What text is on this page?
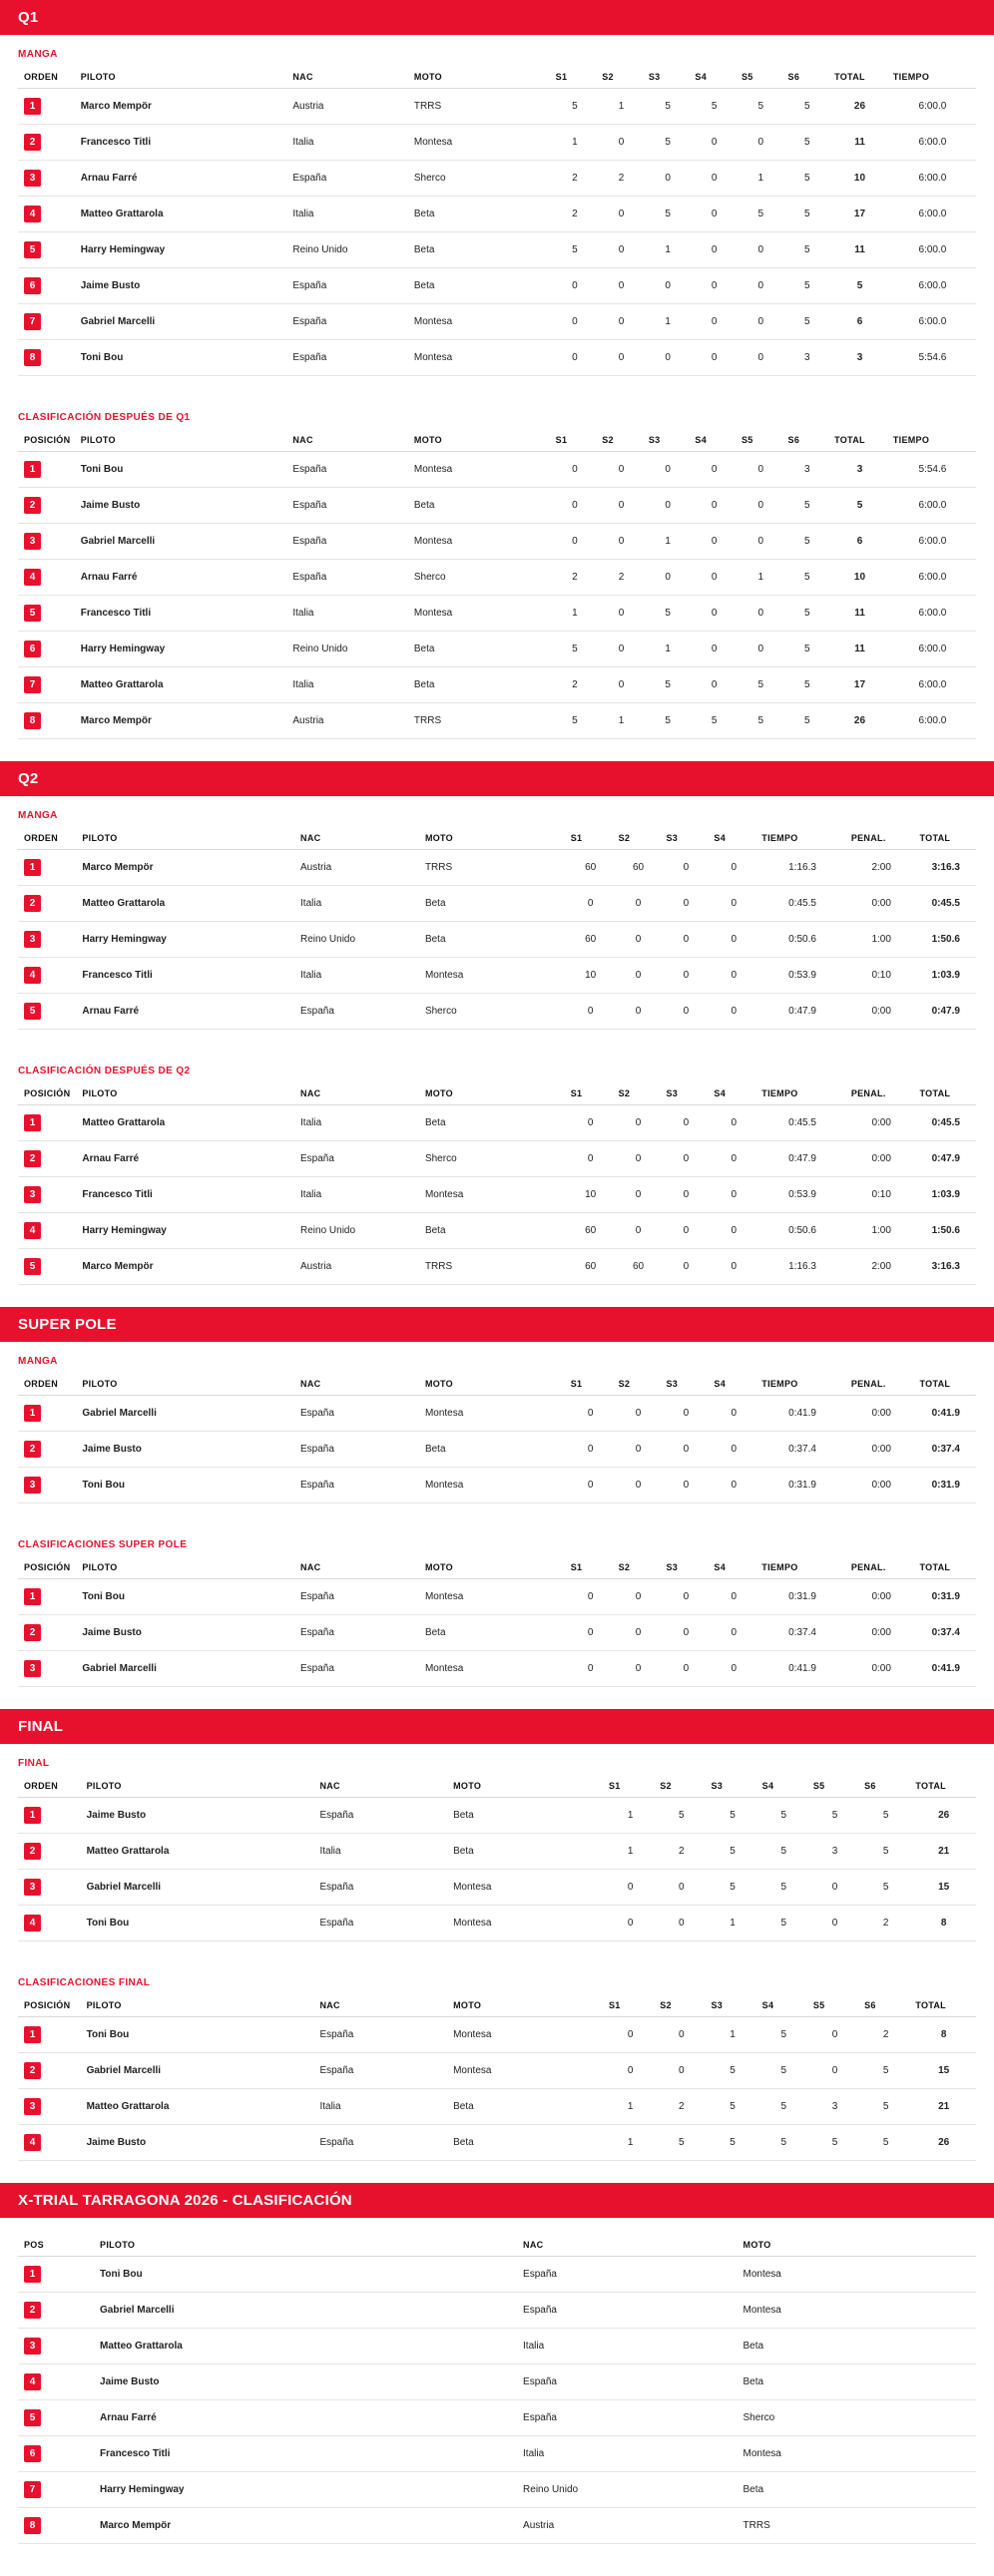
Q1
MANGA
ORDEN	PILOTO	NAC	MOTO	S1	S2	S3	S4	S5	S6	TOTAL	TIEMPO
1	Marco Mempör	Austria	TRRS	5	1	5	5	5	5	26	6:00.0
2	Francesco Titli	Italia	Montesa	1	0	5	0	0	5	11	6:00.0
3	Arnau Farré	España	Sherco	2	2	0	0	1	5	10	6:00.0
4	Matteo Grattarola	Italia	Beta	2	0	5	0	5	5	17	6:00.0
5	Harry Hemingway	Reino Unido	Beta	5	0	1	0	0	5	11	6:00.0
6	Jaime Busto	España	Beta	0	0	0	0	0	5	5	6:00.0
7	Gabriel Marcelli	España	Montesa	0	0	1	0	0	5	6	6:00.0
8	Toni Bou	España	Montesa	0	0	0	0	0	3	3	5:54.6
CLASIFICACIÓN DESPUÉS DE Q1
POSICIÓN	PILOTO	NAC	MOTO	S1	S2	S3	S4	S5	S6	TOTAL	TIEMPO
1	Toni Bou	España	Montesa	0	0	0	0	0	3	3	5:54.6
2	Jaime Busto	España	Beta	0	0	0	0	0	5	5	6:00.0
3	Gabriel Marcelli	España	Montesa	0	0	1	0	0	5	6	6:00.0
4	Arnau Farré	España	Sherco	2	2	0	0	1	5	10	6:00.0
5	Francesco Titli	Italia	Montesa	1	0	5	0	0	5	11	6:00.0
6	Harry Hemingway	Reino Unido	Beta	5	0	1	0	0	5	11	6:00.0
7	Matteo Grattarola	Italia	Beta	2	0	5	0	5	5	17	6:00.0
8	Marco Mempör	Austria	TRRS	5	1	5	5	5	5	26	6:00.0
Q2
MANGA
ORDEN	PILOTO	NAC	MOTO	S1	S2	S3	S4	TIEMPO	PENAL.	TOTAL
1	Marco Mempör	Austria	TRRS	60	60	0	0	1:16.3	2:00	3:16.3
2	Matteo Grattarola	Italia	Beta	0	0	0	0	0:45.5	0:00	0:45.5
3	Harry Hemingway	Reino Unido	Beta	60	0	0	0	0:50.6	1:00	1:50.6
4	Francesco Titli	Italia	Montesa	10	0	0	0	0:53.9	0:10	1:03.9
5	Arnau Farré	España	Sherco	0	0	0	0	0:47.9	0:00	0:47.9
CLASIFICACIÓN DESPUÉS DE Q2
POSICIÓN	PILOTO	NAC	MOTO	S1	S2	S3	S4	TIEMPO	PENAL.	TOTAL
1	Matteo Grattarola	Italia	Beta	0	0	0	0	0:45.5	0:00	0:45.5
2	Arnau Farré	España	Sherco	0	0	0	0	0:47.9	0:00	0:47.9
3	Francesco Titli	Italia	Montesa	10	0	0	0	0:53.9	0:10	1:03.9
4	Harry Hemingway	Reino Unido	Beta	60	0	0	0	0:50.6	1:00	1:50.6
5	Marco Mempör	Austria	TRRS	60	60	0	0	1:16.3	2:00	3:16.3
SUPER POLE
MANGA
ORDEN	PILOTO	NAC	MOTO	S1	S2	S3	S4	TIEMPO	PENAL.	TOTAL
1	Gabriel Marcelli	España	Montesa	0	0	0	0	0:41.9	0:00	0:41.9
2	Jaime Busto	España	Beta	0	0	0	0	0:37.4	0:00	0:37.4
3	Toni Bou	España	Montesa	0	0	0	0	0:31.9	0:00	0:31.9
CLASIFICACIONES SUPER POLE
POSICIÓN	PILOTO	NAC	MOTO	S1	S2	S3	S4	TIEMPO	PENAL.	TOTAL
1	Toni Bou	España	Montesa	0	0	0	0	0:31.9	0:00	0:31.9
2	Jaime Busto	España	Beta	0	0	0	0	0:37.4	0:00	0:37.4
3	Gabriel Marcelli	España	Montesa	0	0	0	0	0:41.9	0:00	0:41.9
FINAL
FINAL
ORDEN	PILOTO	NAC	MOTO	S1	S2	S3	S4	S5	S6	TOTAL
1	Jaime Busto	España	Beta	1	5	5	5	5	5	26
2	Matteo Grattarola	Italia	Beta	1	2	5	5	3	5	21
3	Gabriel Marcelli	España	Montesa	0	0	5	5	0	5	15
4	Toni Bou	España	Montesa	0	0	1	5	0	2	8
CLASIFICACIONES FINAL
POSICIÓN	PILOTO	NAC	MOTO	S1	S2	S3	S4	S5	S6	TOTAL
1	Toni Bou	España	Montesa	0	0	1	5	0	2	8
2	Gabriel Marcelli	España	Montesa	0	0	5	5	0	5	15
3	Matteo Grattarola	Italia	Beta	1	2	5	5	3	5	21
4	Jaime Busto	España	Beta	1	5	5	5	5	5	26
X-TRIAL TARRAGONA 2026 - CLASIFICACIÓN
POS	PILOTO	NAC	MOTO
1	Toni Bou	España	Montesa
2	Gabriel Marcelli	España	Montesa
3	Matteo Grattarola	Italia	Beta
4	Jaime Busto	España	Beta
5	Arnau Farré	España	Sherco
6	Francesco Titli	Italia	Montesa
7	Harry Hemingway	Reino Unido	Beta
8	Marco Mempör	Austria	TRRS
